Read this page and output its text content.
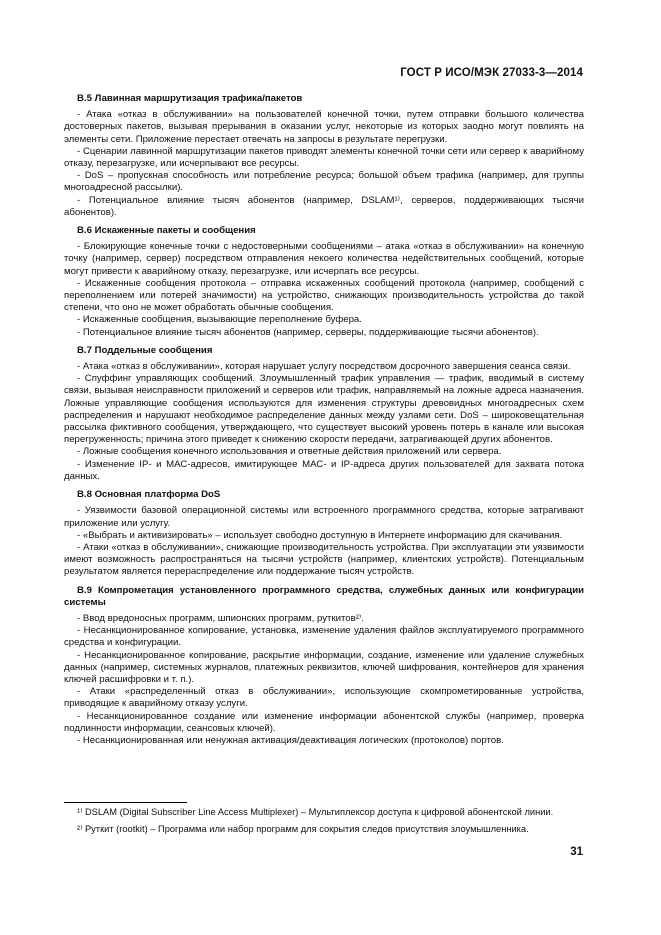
ГОСТ Р ИСО/МЭК 27033-3—2014

В.5 Лавинная маршрутизация трафика/пакетов

- Атака «отказ в обслуживании» на пользователей конечной точки, путем отправки большого количества достоверных пакетов, вызывая прерывания в оказании услуг, некоторые из которых заодно могут повлиять на элементы сети. Приложение перестает отвечать на запросы в результате перегрузки.

- Сценарии лавинной маршрутизации пакетов приводят элементы конечной точки сети или сервер к аварийному отказу, перезагрузке, или исчерпывают все ресурсы.

- DoS – пропускная способность или потребление ресурса; большой объем трафика (например, для группы многоадресной рассылки).

- Потенциальное влияние тысяч абонентов (например, DSLAM¹⁾, серверов, поддерживающих тысячи абонентов).

В.6 Искаженные пакеты и сообщения

- Блокирующие конечные точки с недостоверными сообщениями – атака «отказ в обслуживании» на конечную точку (например, сервер) посредством отправления некоего количества недействительных сообщений, которые могут привести к аварийному отказу, перезагрузке, или исчерпать все ресурсы.

- Искаженные сообщения протокола – отправка искаженных сообщений протокола (например, сообщений с переполнением или потерей значимости) на устройство, снижающих производительность устройства до такой степени, что оно не может обработать обычные сообщения.

- Искаженные сообщения, вызывающие переполнение буфера.

- Потенциальное влияние тысяч абонентов (например, серверы, поддерживающие тысячи абонентов).

В.7 Поддельные сообщения

- Атака «отказ в обслуживании», которая нарушает услугу посредством досрочного завершения сеанса связи.

- Спуффинг управляющих сообщений. Злоумышленный трафик управления — трафик, вводимый в систему связи, вызывая неисправности приложений и серверов или трафик, направляемый на ложные адреса назначения. Ложные управляющие сообщения используются для изменения структуры древовидных многоадресных схем распределения и нарушают необходимое распределение данных между узлами сети. DoS – широковещательная рассылка фиктивного сообщения, утверждающего, что существует высокий уровень потерь в канале или высокая перегруженность; причина этого приведет к снижению скорости передачи, затрагивающей других абонентов.

- Ложные сообщения конечного использования и ответные действия приложений или сервера.

- Изменение IP- и МАС-адресов, имитирующее МАС- и IP-адреса других пользователей для захвата потока данных.

В.8 Основная платформа DoS

- Уязвимости базовой операционной системы или встроенного программного средства, которые затрагивают приложение или услугу.

- «Выбрать и активизировать» – использует свободно доступную в Интернете информацию для скачивания.

- Атаки «отказ в обслуживании», снижающие производительность устройства. При эксплуатации эти уязвимости имеют возможность распространяться на тысячи устройств (например, клиентских устройств). Потенциальным результатом является перераспределение или поддержание тысяч устройств.

В.9 Компрометация установленного программного средства, служебных данных или конфигурации системы

- Ввод вредоносных программ, шпионских программ, руткитов²⁾.

- Несанкционированное копирование, установка, изменение удаления файлов эксплуатируемого программного средства и конфигурации.

- Несанкционированное копирование, раскрытие информации, создание, изменение или удаление служебных данных (например, системных журналов, платежных реквизитов, ключей шифрования, контейнеров для хранения ключей расшифровки и т. п.).

- Атаки «распределенный отказ в обслуживании», использующие скомпрометированные устройства, приводящие к аварийному отказу услуги.

- Несанкционированное создание или изменение информации абонентской службы (например, проверка подлинности информации, сеансовых ключей).

- Несанкционированная или ненужная активация/деактивация логических (протоколов) портов.

¹⁾ DSLAM (Digital Subscriber Line Access Multiplexer) – Мультиплексор доступа к цифровой абонентской линии.

²⁾ Руткит (rootkit) – Программа или набор программ для сокрытия следов присутствия злоумышленника.

31
